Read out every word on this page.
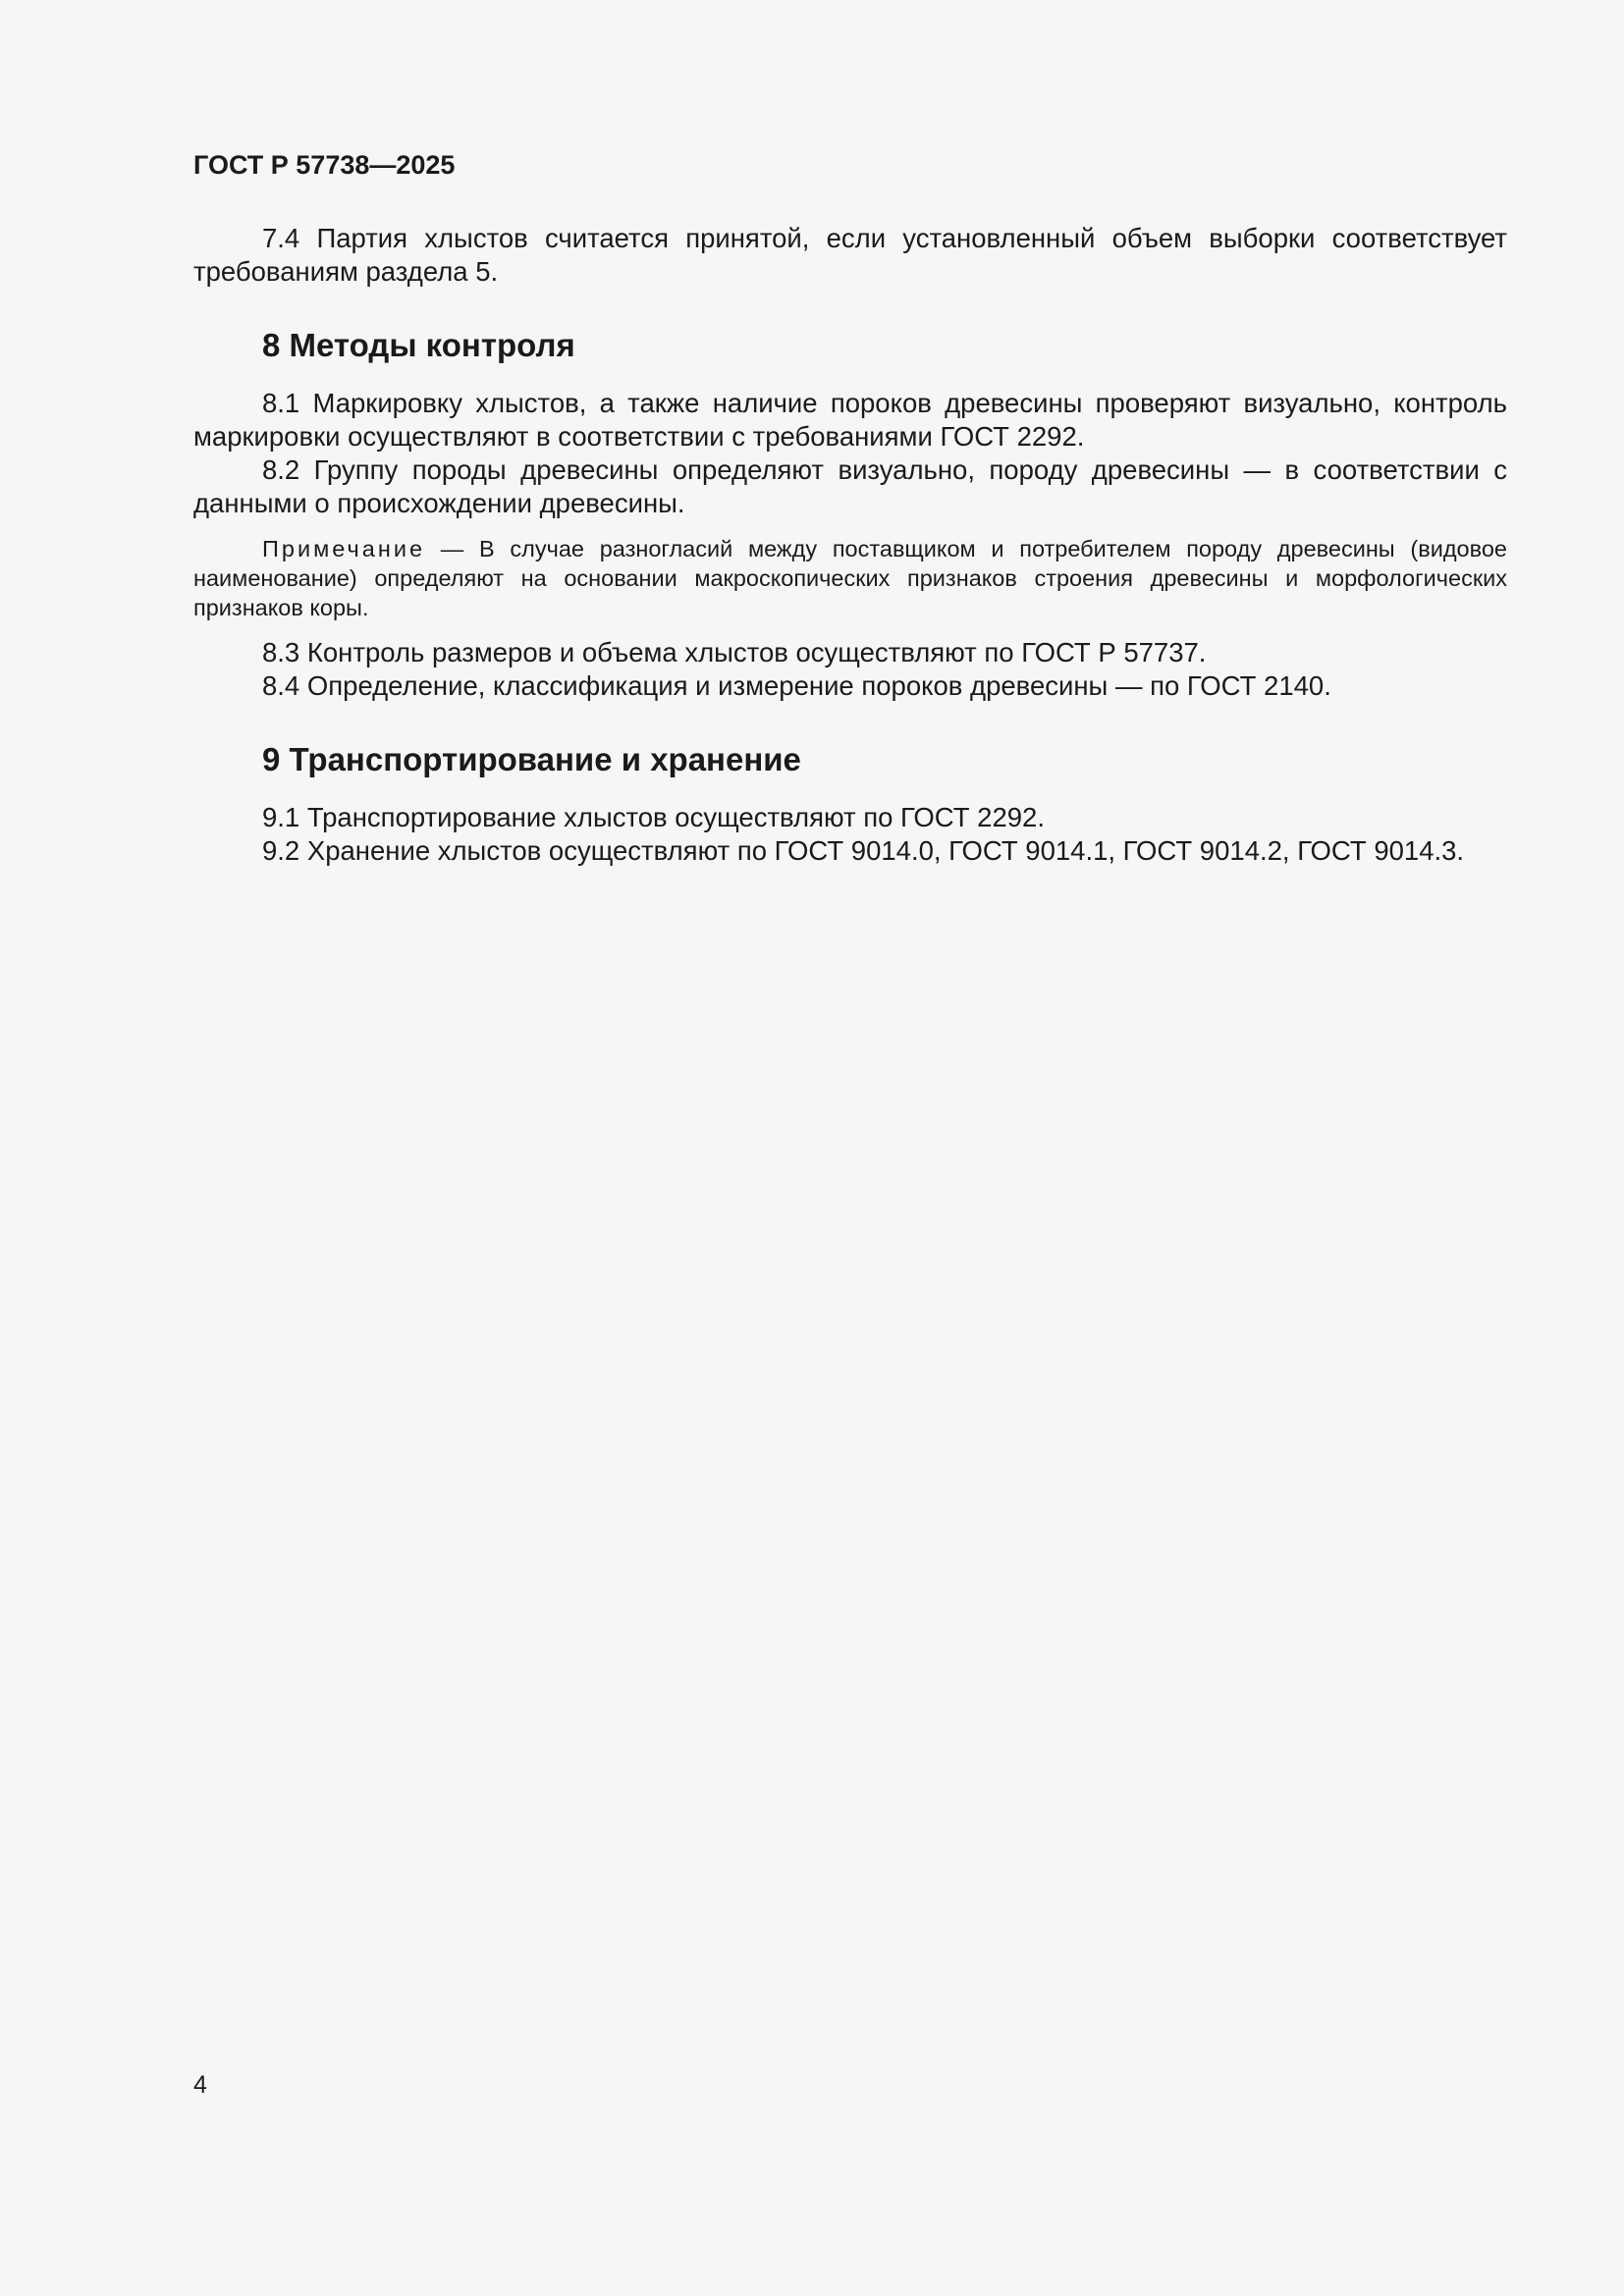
ГОСТ Р 57738—2025

7.4 Партия хлыстов считается принятой, если установленный объем выборки соответствует требованиям раздела 5.

8 Методы контроля

8.1 Маркировку хлыстов, а также наличие пороков древесины проверяют визуально, контроль маркировки осуществляют в соответствии с требованиями ГОСТ 2292.

8.2 Группу породы древесины определяют визуально, породу древесины — в соответствии с данными о происхождении древесины.

Примечание — В случае разногласий между поставщиком и потребителем породу древесины (видовое наименование) определяют на основании макроскопических признаков строения древесины и морфологических признаков коры.

8.3 Контроль размеров и объема хлыстов осуществляют по ГОСТ Р 57737.

8.4 Определение, классификация и измерение пороков древесины — по ГОСТ 2140.

9 Транспортирование и хранение

9.1 Транспортирование хлыстов осуществляют по ГОСТ 2292.

9.2 Хранение хлыстов осуществляют по ГОСТ 9014.0, ГОСТ 9014.1, ГОСТ 9014.2, ГОСТ 9014.3.

4
